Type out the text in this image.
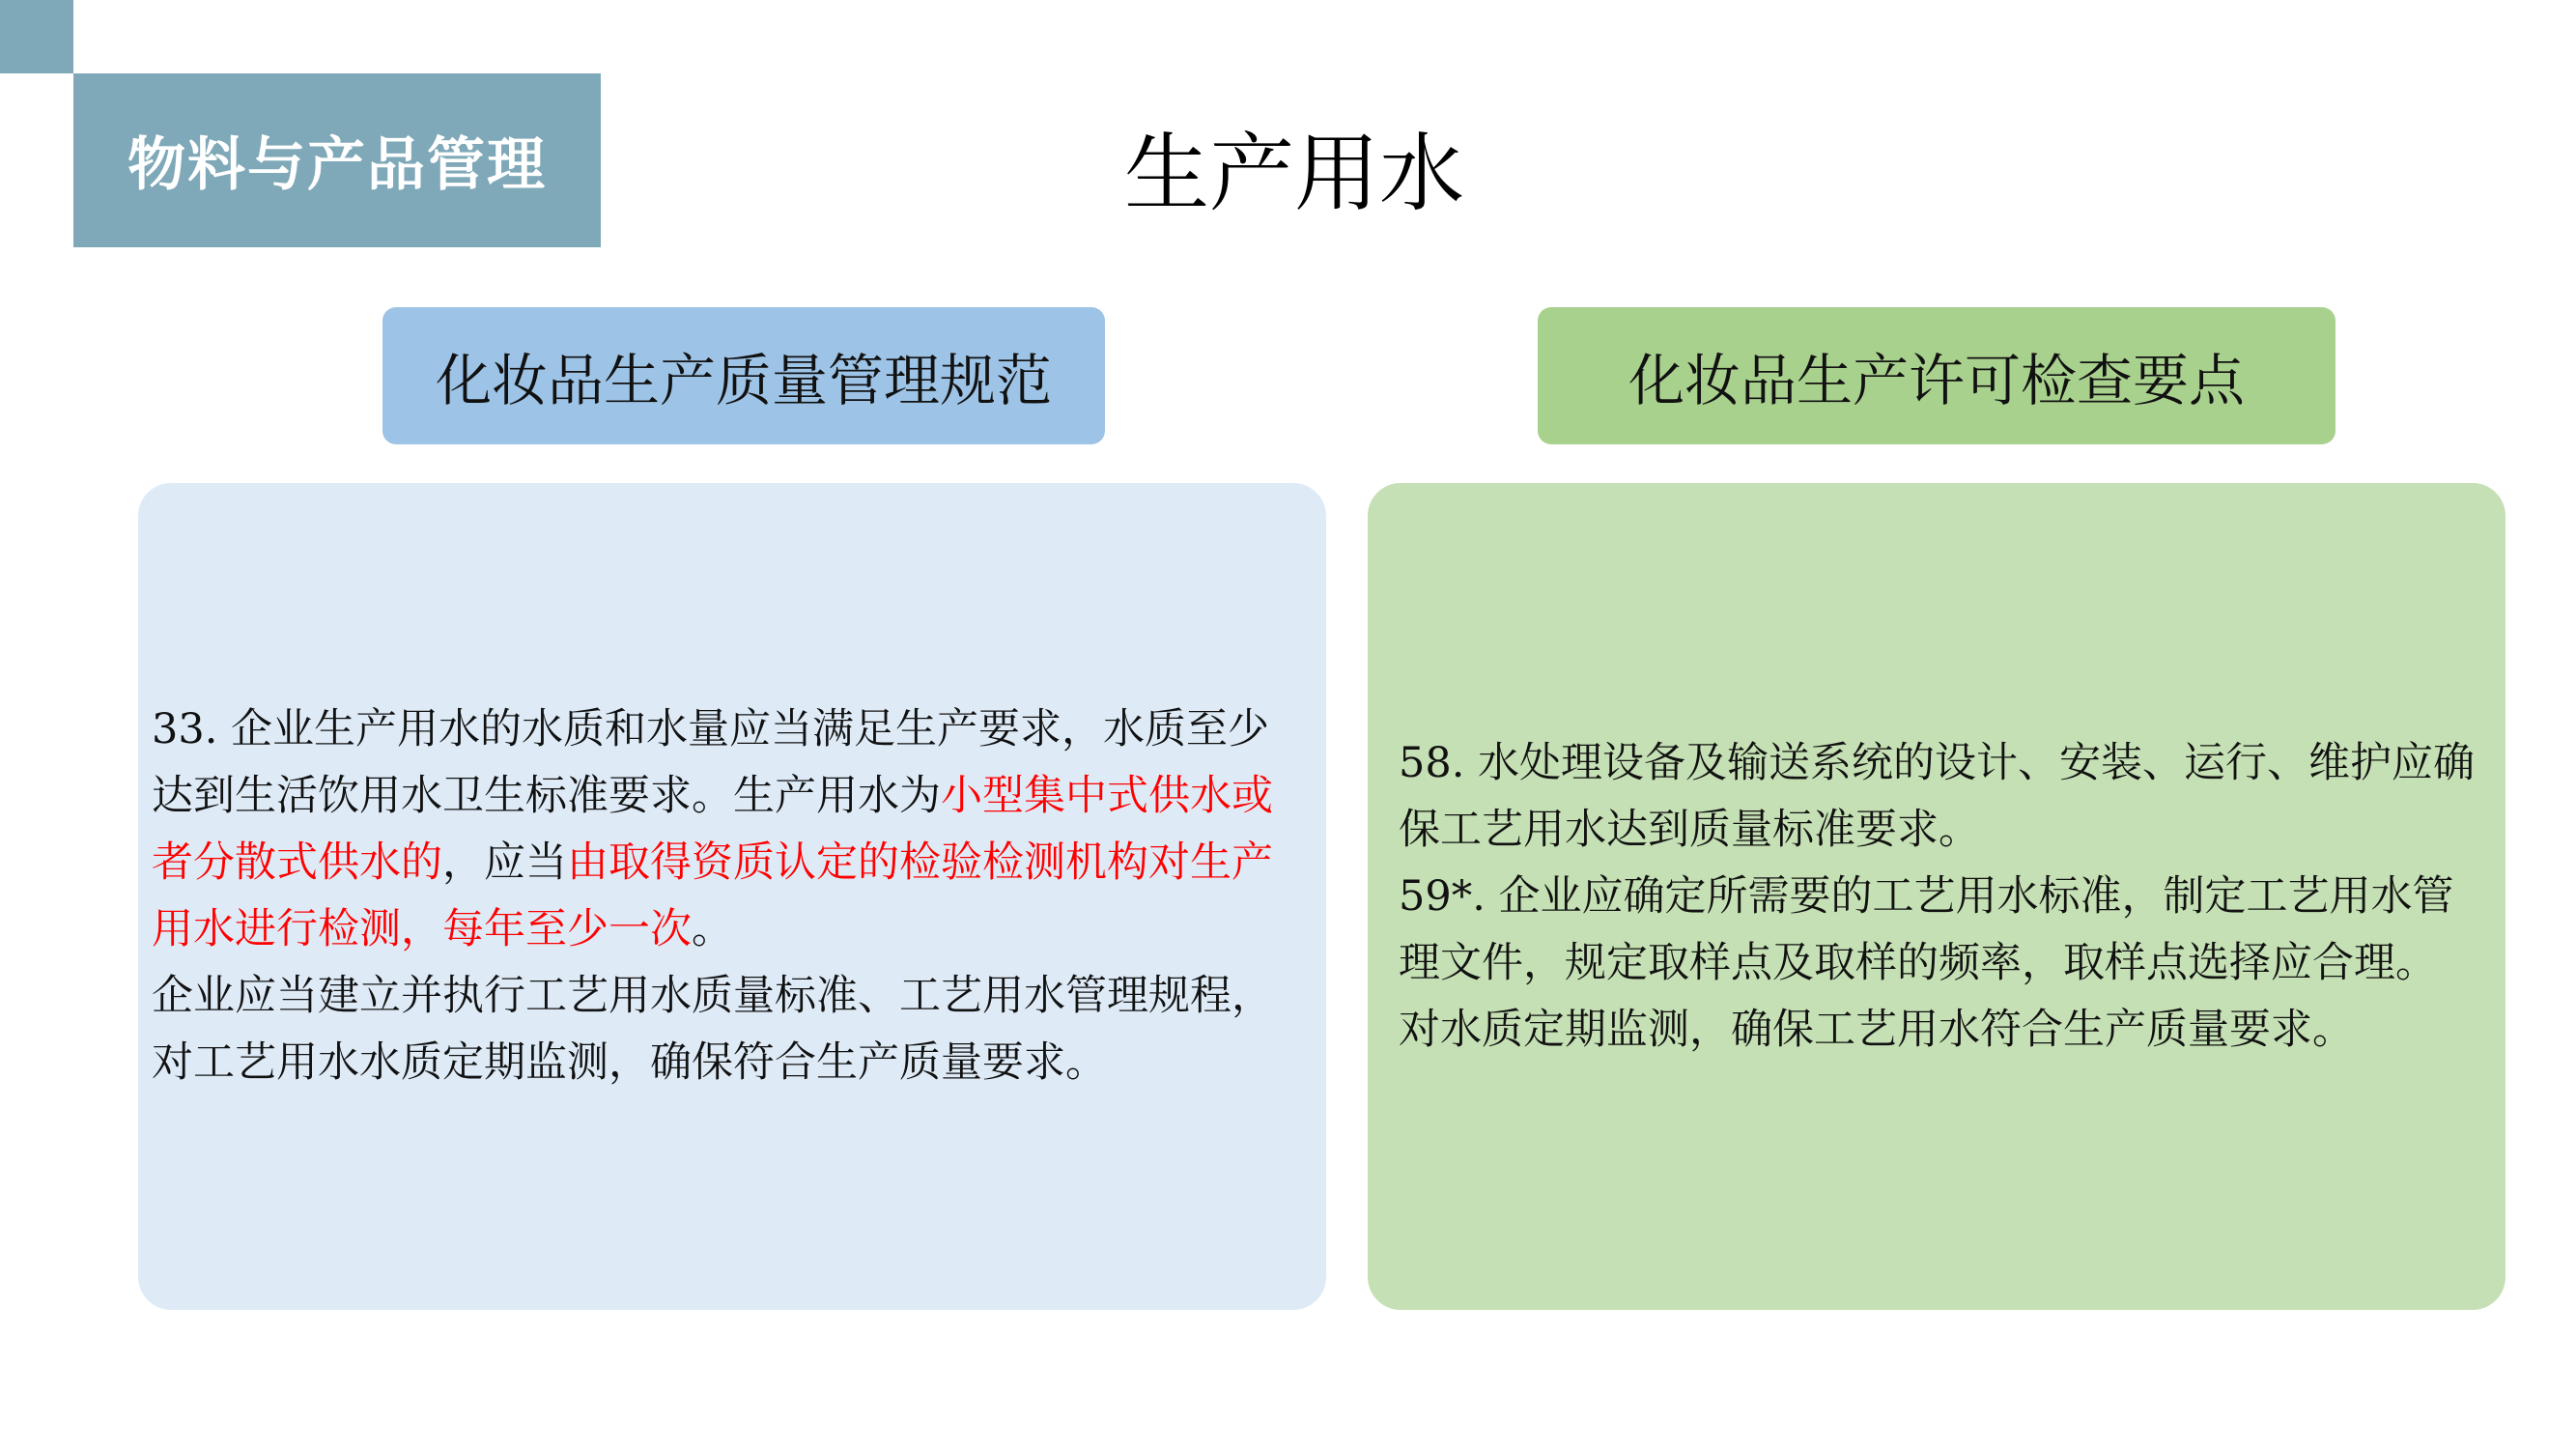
物料与产品管理	生产用水
化妆品生产质量管理规范	化妆品生产许可检查要点

33. 企业生产用水的水质和水量应当满足生产要求，水质至少达到生活饮用水卫生标准要求。生产用水为小型集中式供水或者分散式供水的，应当由取得资质认定的检验检测机构对生产用水进行检测，每年至少一次。

企业应当建立并执行工艺用水质量标准、工艺用水管理规程，对工艺用水水质定期监测，确保符合生产质量要求。

58. 水处理设备及输送系统的设计、安装、运行、维护应确保工艺用水达到质量标准要求。

59*. 企业应确定所需要的工艺用水标准，制定工艺用水管理文件，规定取样点及取样的频率，取样点选择应合理。对水质定期监测，确保工艺用水符合生产质量要求。
